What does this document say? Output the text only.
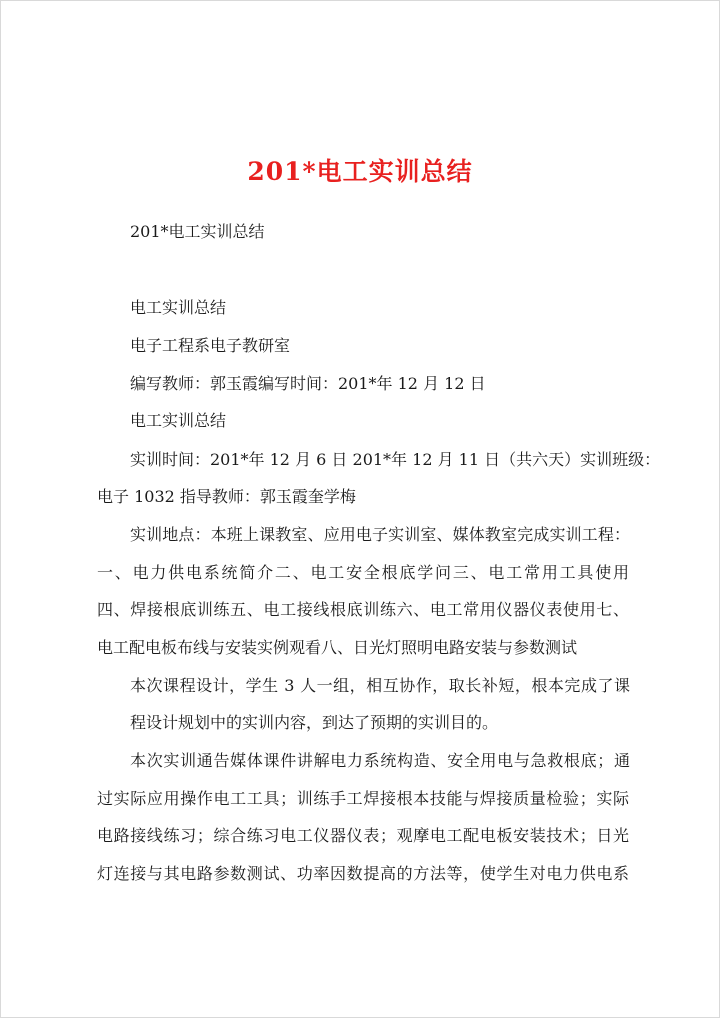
201*电工实训总结
201*电工实训总结
电工实训总结
电子工程系电子教研室
编写教师：郭玉霞编写时间：201*年 12 月 12 日
电工实训总结
实训时间：201*年 12 月 6 日 201*年 12 月 11 日（共六天）实训班级：
电子 1032 指导教师：郭玉霞奎学梅
实训地点：本班上课教室、应用电子实训室、媒体教室完成实训工程：
一、电力供电系统简介二、电工安全根底学问三、电工常用工具使用
四、焊接根底训练五、电工接线根底训练六、电工常用仪器仪表使用七、
电工配电板布线与安装实例观看八、日光灯照明电路安装与参数测试
本次课程设计，学生 3 人一组，相互协作，取长补短，根本完成了课
程设计规划中的实训内容，到达了预期的实训目的。
本次实训通告媒体课件讲解电力系统构造、安全用电与急救根底；通
过实际应用操作电工工具；训练手工焊接根本技能与焊接质量检验；实际
电路接线练习；综合练习电工仪器仪表；观摩电工配电板安装技术；日光
灯连接与其电路参数测试、功率因数提高的方法等，使学生对电力供电系
